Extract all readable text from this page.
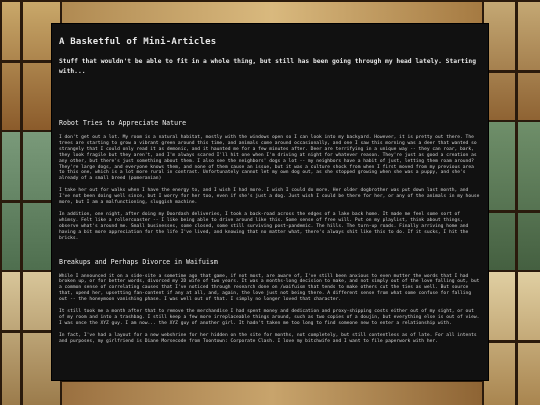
A Basketful of Mini-Articles
Stuff that wouldn't be able to fit in a whole thing, but still has been going through my head lately. Starting with...
Robot Tries to Appreciate Nature

I don't get out a lot. My room is a natural habitat, mostly with the windows open so I can look into my backyard. However, it is pretty out there. The trees are starting to grow a vibrant green around this time, and animals come around occasionally, and one I saw this morning was a deer that wanted so strangely that I could only read it as demonic, and it haunted me for a few minutes after. Deer are terrifying in a unique way -- they can roar, bark, they look fragile but they aren't, and I'm always scared I'll hit one when I'm driving at night for whatever reason. They're just as good a creation as any other, but there's just something about them. I also see the neighbors' dogs a lot -- my neighbors have a habit of just, letting them roam around? They're large dogs, and everyone knows them, and none of them cause an issue, but it was a culture shock from when I first moved from my previous area to this one, which is a lot more rural in contrast. Unfortunately cannot let my own dog out, as she stopped growing when she was a puppy, and she's already of a small breed (pomeranian)

I take her out for walks when I have the energy to, and I wish I had more. I wish I could do more. Her older dogbrother was put down last month, and I've not been doing well since, but I worry for her too, even if she's just a dog. Just wish I could be there for her, or any of the animals in my house more, but I am a malfunctioning, sluggish machine.

In addition, one night, after doing my Doordash deliveries, I took a back-road across the edges of a lake back home. It made me feel some sort of whimsy. Felt like a rollercoaster -- I like being able to drive around like this. Some sense of free will. Put on my playlist, think about things, observe what's around me. Small businesses, some closed, some still surviving post-pandemic. The hills. The turn-up roads. Finally arriving home and having a bit more appreciation for the life I've lived, and knowing that no matter what, there's always shit like this to do. If it sucks, I hit the bricks.

Breakups and Perhaps Divorce in Waifuism

While I announced it on a side-site a sometime ago that game, if not most, are aware of, I've still been anxious to even mutter the words that I had broken up, or for better words, divorced my 2D wife of two years. It was a months-long decision to make, and not simply out of the love falling out, but a common sense of correlating causes that I've noticed through research done on /waifuism that tends to make others cut the ties as well. But source that, upend her, upsetting fan-content if any at all, and, again, the love just not being there. A different sense from what some confuse for falling out -- the honeymoon vanishing phase. I was well out of that. I simply no longer loved that character.

It still took me a month after that to remove the merchandise I had spent money and dedication and proxy-shipping costs either out of my sight, or out of my room and into a trashbag. I still keep a few more irreplaceable things around, such as two copies of a doujin, but everything else is out of view. I was once the XYZ guy. I am now... the XYZ guy of another girl. It hadn't taken me too long to find someone new to enter a relationship with.

In fact, I've had a layout for a new webshrine for her hidden on the site for months, not completely, but still contentless as of late. For all intents and purposes, my girlfriend is Diane Morsecode from Toontown: Corporate Clash. I love my bitchwife and I want to file paperwork with her.
